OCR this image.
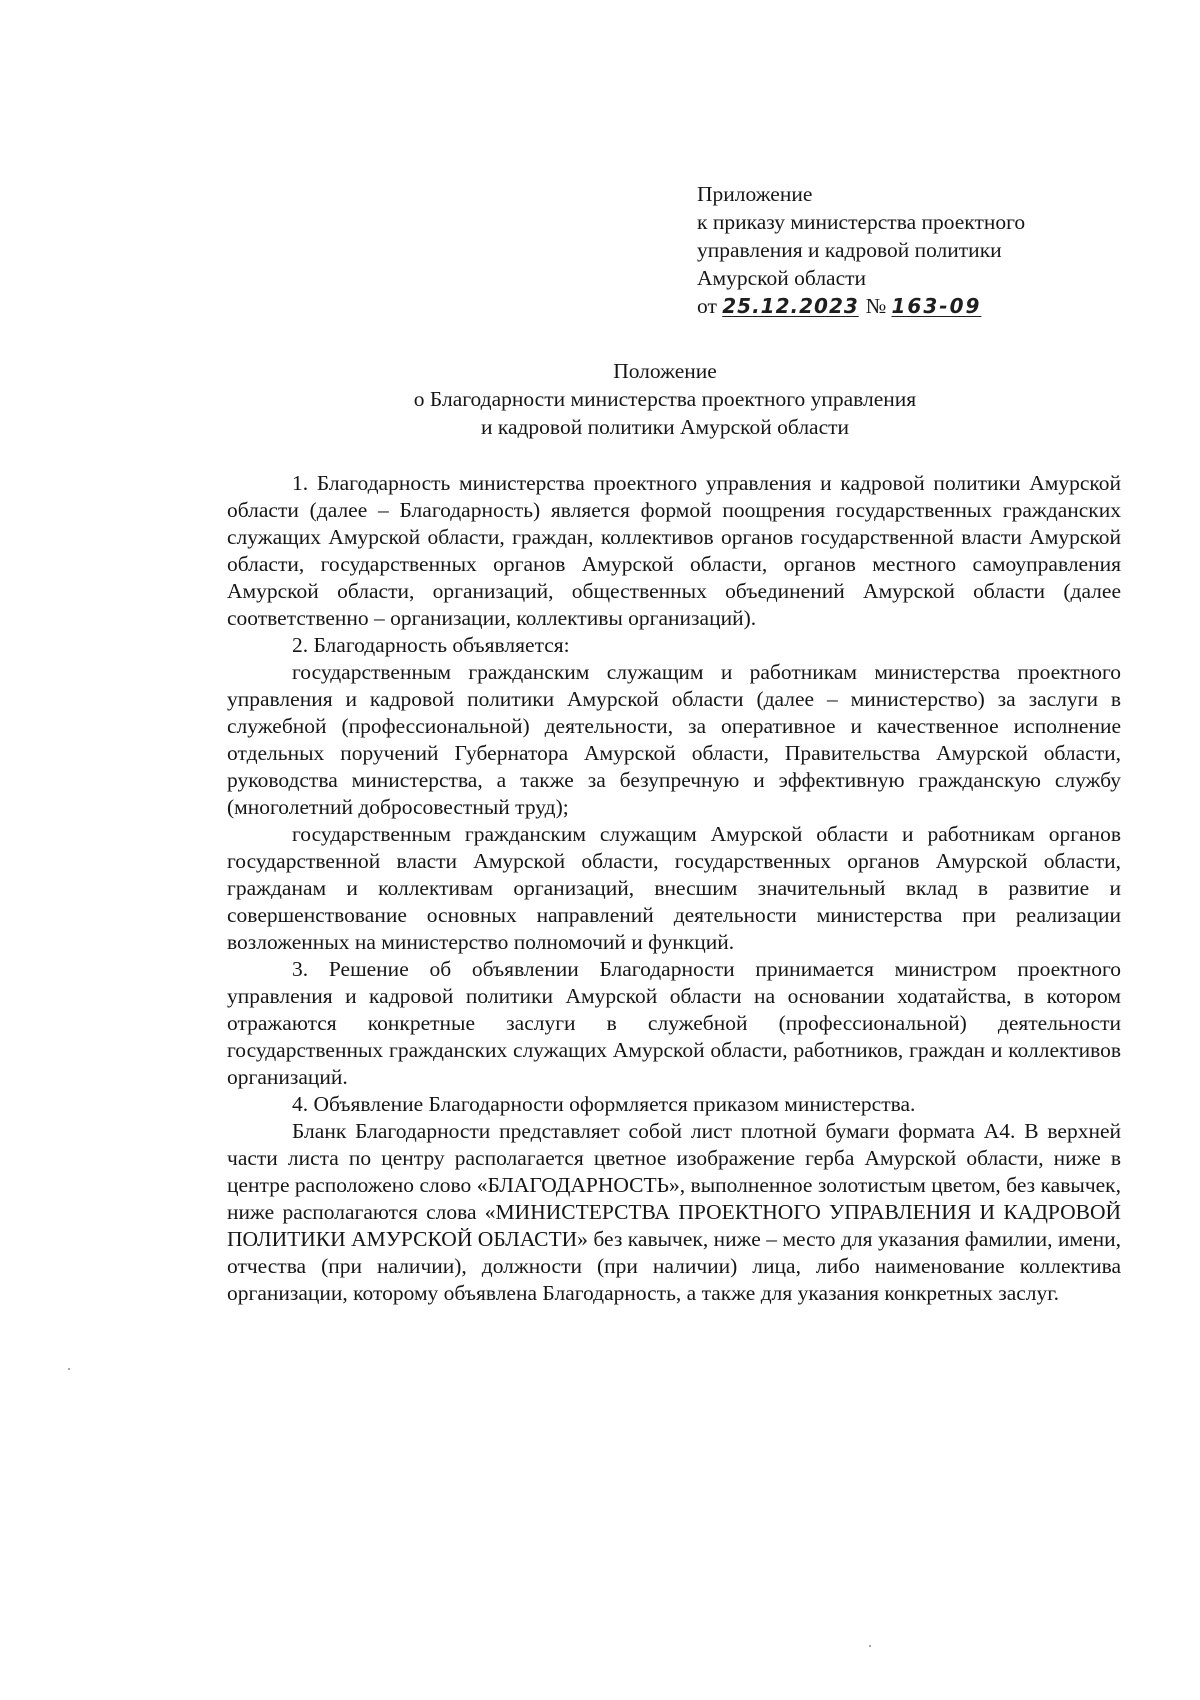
Приложение
к приказу министерства проектного
управления и кадровой политики
Амурской области
от 25.12.2023 № 163-09
Положение
о Благодарности министерства проектного управления
и кадровой политики Амурской области

1. Благодарность министерства проектного управления и кадровой политики Амурской области (далее – Благодарность) является формой поощрения государственных гражданских служащих Амурской области, граждан, коллективов органов государственной власти Амурской области, государственных органов Амурской области, органов местного самоуправления Амурской области, организаций, общественных объединений Амурской области (далее соответственно – организации, коллективы организаций).

2. Благодарность объявляется:

государственным гражданским служащим и работникам министерства проектного управления и кадровой политики Амурской области (далее – министерство) за заслуги в служебной (профессиональной) деятельности, за оперативное и качественное исполнение отдельных поручений Губернатора Амурской области, Правительства Амурской области, руководства министерства, а также за безупречную и эффективную гражданскую службу (многолетний добросовестный труд);

государственным гражданским служащим Амурской области и работникам органов государственной власти Амурской области, государственных органов Амурской области, гражданам и коллективам организаций, внесшим значительный вклад в развитие и совершенствование основных направлений деятельности министерства при реализации возложенных на министерство полномочий и функций.

3. Решение об объявлении Благодарности принимается министром проектного управления и кадровой политики Амурской области на основании ходатайства, в котором отражаются конкретные заслуги в служебной (профессиональной) деятельности государственных гражданских служащих Амурской области, работников, граждан и коллективов организаций.

4. Объявление Благодарности оформляется приказом министерства.

Бланк Благодарности представляет собой лист плотной бумаги формата А4. В верхней части листа по центру располагается цветное изображение герба Амурской области, ниже в центре расположено слово «БЛАГОДАРНОСТЬ», выполненное золотистым цветом, без кавычек, ниже располагаются слова «МИНИСТЕРСТВА ПРОЕКТНОГО УПРАВЛЕНИЯ И КАДРОВОЙ ПОЛИТИКИ АМУРСКОЙ ОБЛАСТИ» без кавычек, ниже – место для указания фамилии, имени, отчества (при наличии), должности (при наличии) лица, либо наименование коллектива организации, которому объявлена Благодарность, а также для указания конкретных заслуг.
